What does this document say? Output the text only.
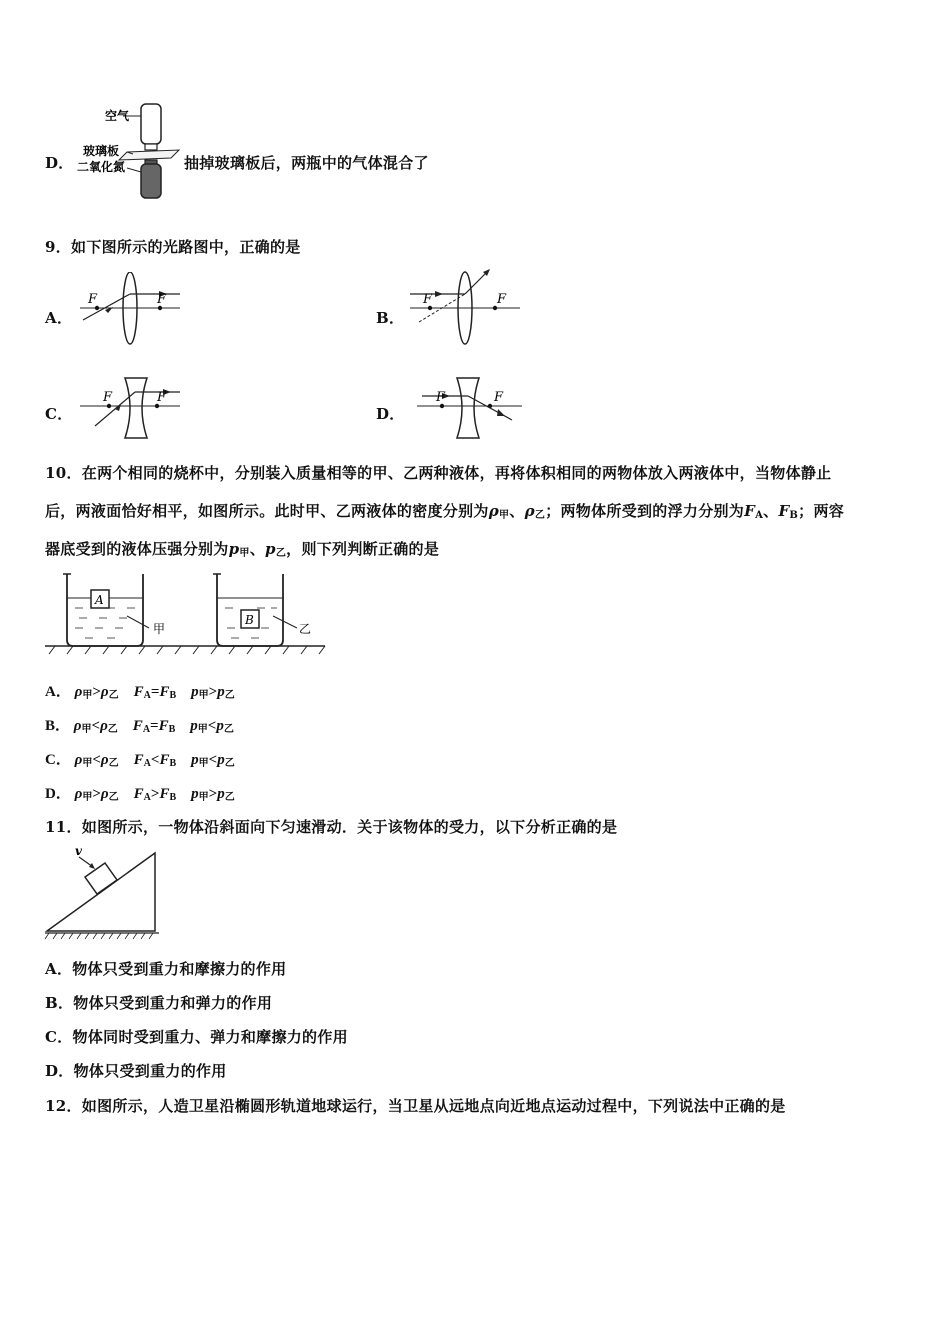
D．
空气
玻璃板
二氧化氮	抽掉玻璃板后，两瓶中的气体混合了
9．如下图所示的光路图中，正确的是
A．
F	F
B．
F	F
C．
F	F
D．
F	F
10．在两个相同的烧杯中，分别装入质量相等的甲、乙两种液体，再将体积相同的两物体放入两液体中，当物体静止
后，两液面恰好相平，如图所示。此时甲、乙两液体的密度分别为$\rho_甲$、$\rho_乙$；两物体所受到的浮力分别为$F_A$、$F_B$；两容
器底受到的液体压强分别为$p_甲$、$p_乙$，则下列判断正确的是
A
甲
B
乙
A． $\rho_甲>\rho_乙$ $F_A=F_B$ $p_甲>p_乙$
B． $\rho_甲<\rho_乙$ $F_A=F_B$ $p_甲<p_乙$
C． $\rho_甲<\rho_乙$ $F_A<F_B$ $p_甲<p_乙$
D． $\rho_甲>\rho_乙$ $F_A>F_B$ $p_甲>p_乙$
11．如图所示，一物体沿斜面向下匀速滑动．关于该物体的受力，以下分析正确的是
v
A．物体只受到重力和摩擦力的作用
B．物体只受到重力和弹力的作用
C．物体同时受到重力、弹力和摩擦力的作用
D．物体只受到重力的作用
12．如图所示，人造卫星沿椭圆形轨道地球运行，当卫星从远地点向近地点运动过程中，下列说法中正确的是
